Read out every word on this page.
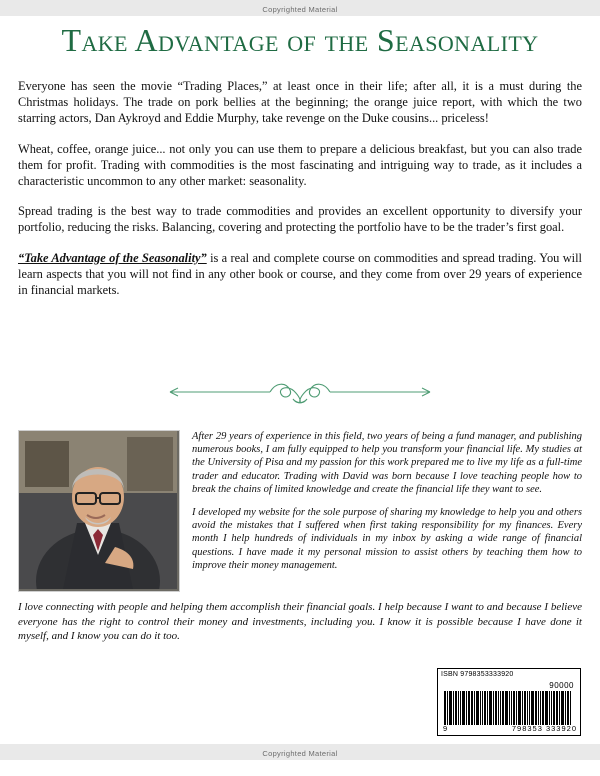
Copyrighted Material
Take Advantage of the Seasonality

Everyone has seen the movie “Trading Places,” at least once in their life; after all, it is a must during the Christmas holidays. The trade on pork bellies at the beginning; the orange juice report, with which the two starring actors, Dan Aykroyd and Eddie Murphy, take revenge on the Duke cousins... priceless!

Wheat, coffee, orange juice... not only you can use them to prepare a delicious breakfast, but you can also trade them for profit. Trading with commodities is the most fascinating and intriguing way to trade, as it includes a characteristic uncommon to any other market: seasonality.

Spread trading is the best way to trade commodities and provides an excellent opportunity to diversify your portfolio, reducing the risks. Balancing, covering and protecting the portfolio have to be the trader’s first goal.

“Take Advantage of the Seasonality” is a real and complete course on commodities and spread trading. You will learn aspects that you will not find in any other book or course, and they come from over 29 years of experience in financial markets.

After 29 years of experience in this field, two years of being a fund manager, and publishing numerous books, I am fully equipped to help you transform your financial life. My studies at the University of Pisa and my passion for this work prepared me to live my life as a full-time trader and educator. Trading with David was born because I love teaching people how to break the chains of limited knowledge and create the financial life they want to see.

I developed my website for the sole purpose of sharing my knowledge to help you and others avoid the mistakes that I suffered when first taking responsibility for my finances. Every month I help hundreds of individuals in my inbox by asking a wide range of financial questions. I have made it my personal mission to assist others by teaching them how to improve their money management.

I love connecting with people and helping them accomplish their financial goals. I help because I want to and because I believe everyone has the right to control their money and investments, including you. I know it is possible because I have done it myself, and I know you can do it too.
ISBN 9798353333920
90000
9	798353 333920
Copyrighted Material
